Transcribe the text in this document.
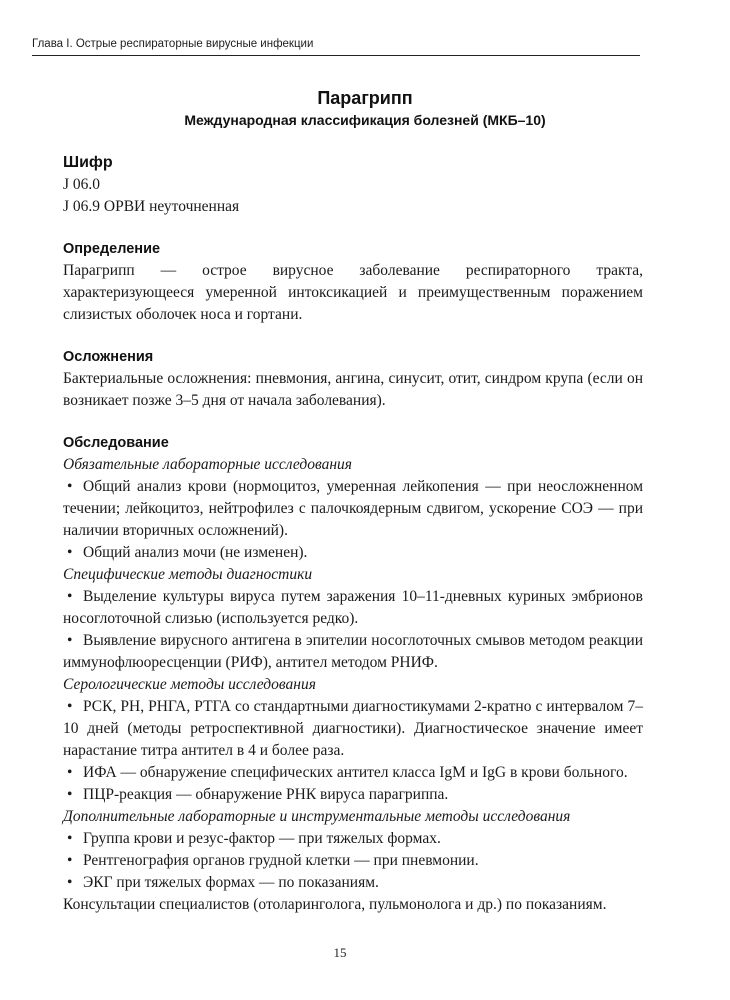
Глава I. Острые респираторные вирусные инфекции
Парагрипп
Международная классификация болезней (МКБ–10)

Шифр

J 06.0

J 06.9 ОРВИ неуточненная

Определение

Парагрипп — острое вирусное заболевание респираторного тракта, характеризующееся умеренной интоксикацией и преимущественным поражением слизистых оболочек носа и гортани.

Осложнения

Бактериальные осложнения: пневмония, ангина, синусит, отит, синдром крупа (если он возникает позже 3–5 дня от начала заболевания).

Обследование

Обязательные лабораторные исследования

• Общий анализ крови (нормоцитоз, умеренная лейкопения — при неосложненном течении; лейкоцитоз, нейтрофилез с палочкоядерным сдвигом, ускорение СОЭ — при наличии вторичных осложнений).

• Общий анализ мочи (не изменен).

Специфические методы диагностики

• Выделение культуры вируса путем заражения 10–11-дневных куриных эмбрионов носоглоточной слизью (используется редко).

• Выявление вирусного антигена в эпителии носоглоточных смывов методом реакции иммунофлюоресценции (РИФ), антител методом РНИФ.

Серологические методы исследования

• РСК, РН, РНГА, РТГА со стандартными диагностикумами 2-кратно с интервалом 7–10 дней (методы ретроспективной диагностики). Диагностическое значение имеет нарастание титра антител в 4 и более раза.

• ИФА — обнаружение специфических антител класса IgM и IgG в крови больного.

• ПЦР-реакция — обнаружение РНК вируса парагриппа.

Дополнительные лабораторные и инструментальные методы исследования

• Группа крови и резус-фактор — при тяжелых формах.

• Рентгенография органов грудной клетки — при пневмонии.

• ЭКГ при тяжелых формах — по показаниям.

Консультации специалистов (отоларинголога, пульмонолога и др.) по показаниям.

15
